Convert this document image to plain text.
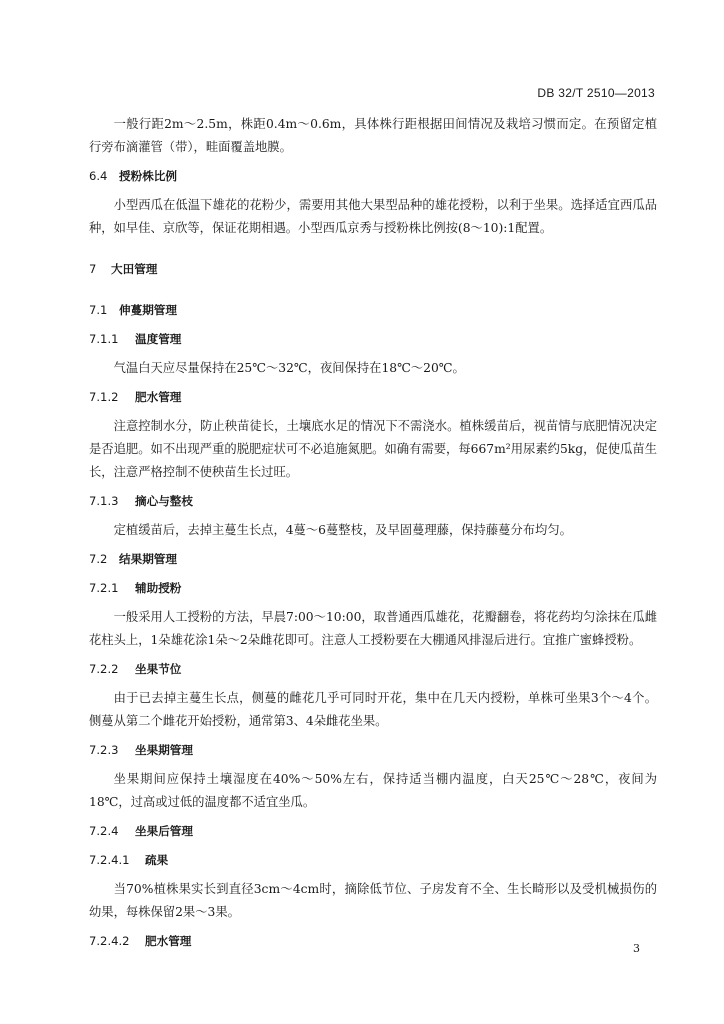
DB 32/T 2510—2013

一般行距2m～2.5m，株距0.4m～0.6m，具体株行距根据田间情况及栽培习惯而定。在预留定植行旁布滴灌管（带），畦面覆盖地膜。

6.4 授粉株比例

小型西瓜在低温下雄花的花粉少，需要用其他大果型品种的雄花授粉，以利于坐果。选择适宜西瓜品种，如早佳、京欣等，保证花期相遇。小型西瓜京秀与授粉株比例按(8～10):1配置。

7 大田管理
7.1 伸蔓期管理
7.1.1 温度管理

气温白天应尽量保持在25℃～32℃，夜间保持在18℃～20℃。

7.1.2 肥水管理

注意控制水分，防止秧苗徒长，土壤底水足的情况下不需浇水。植株缓苗后，视苗情与底肥情况决定是否追肥。如不出现严重的脱肥症状可不必追施氮肥。如确有需要，每667m²用尿素约5kg，促使瓜苗生长，注意严格控制不使秧苗生长过旺。

7.1.3 摘心与整枝

定植缓苗后，去掉主蔓生长点，4蔓～6蔓整枝，及早固蔓理藤，保持藤蔓分布均匀。

7.2 结果期管理
7.2.1 辅助授粉

一般采用人工授粉的方法，早晨7:00～10:00，取普通西瓜雄花，花瓣翻卷，将花药均匀涂抹在瓜雌花柱头上，1朵雄花涂1朵～2朵雌花即可。注意人工授粉要在大棚通风排湿后进行。宜推广蜜蜂授粉。

7.2.2 坐果节位

由于已去掉主蔓生长点，侧蔓的雌花几乎可同时开花，集中在几天内授粉，单株可坐果3个～4个。侧蔓从第二个雌花开始授粉，通常第3、4朵雌花坐果。

7.2.3 坐果期管理

坐果期间应保持土壤湿度在40%～50%左右，保持适当棚内温度，白天25℃～28℃，夜间为18℃，过高或过低的温度都不适宜坐瓜。

7.2.4 坐果后管理
7.2.4.1 疏果

当70%植株果实长到直径3cm～4cm时，摘除低节位、子房发育不全、生长畸形以及受机械损伤的幼果，每株保留2果～3果。

7.2.4.2 肥水管理
3
